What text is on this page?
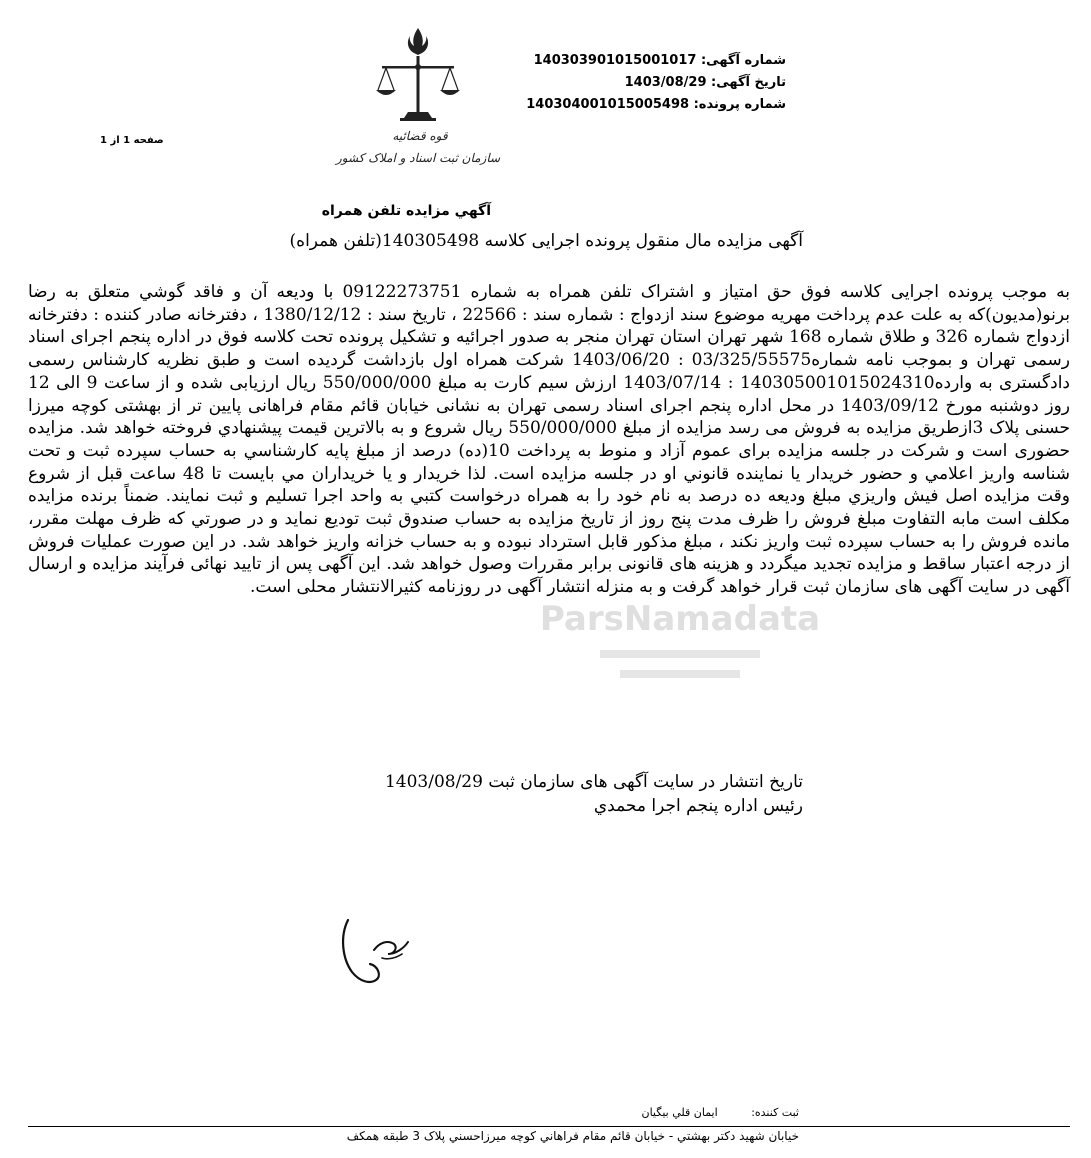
شماره آگهی: 140303901015001017
تاریخ آگهی: 1403/08/29
شماره پرونده: 140304001015005498
قوه قضائیه
سازمان ثبت اسناد و املاک کشور
صفحه 1 از 1
آگهي مزايده تلفن همراه
آگهی مزایده مال منقول پرونده اجرایی کلاسه 140305498(تلفن همراه)
ParsNamadata

به موجب پرونده اجرایی کلاسه فوق حق امتیاز و اشتراک تلفن همراه به شماره 09122273751 با ودیعه آن و فاقد گوشي متعلق به رضا برنو(مدیون)که به علت عدم پرداخت مهریه موضوع سند ازدواج : شماره سند : 22566 ، تاریخ سند : 1380/12/12 ، دفترخانه صادر کننده : دفترخانه ازدواج شماره 326 و طلاق شماره 168 شهر تهران استان تهران منجر به صدور اجرائیه و تشکیل پرونده تحت کلاسه فوق در اداره پنجم اجرای اسناد رسمی تهران و بموجب نامه شماره03/325/55575 : 1403/06/20 شرکت همراه اول بازداشت گردیده است و طبق نظریه کارشناس رسمی دادگستری به وارده140305001015024310 : 1403/07/14 ارزش سیم کارت به مبلغ 550/000/000 ریال ارزیابی شده و از ساعت 9 الی 12 روز دوشنبه مورخ 1403/09/12 در محل اداره پنجم اجرای اسناد رسمی تهران به نشانی خیابان قائم مقام فراهانی پایین تر از بهشتی کوچه میرزا حسنی پلاک 3ازطریق مزایده به فروش می رسد مزایده از مبلغ 550/000/000 ریال شروع و به بالاترین قیمت پیشنهادي فروخته خواهد شد. مزایده حضوری است و شرکت در جلسه مزایده برای عموم آزاد و منوط به پرداخت 10(ده) درصد از مبلغ پایه کارشناسي به حساب سپرده ثبت و تحت شناسه واریز اعلامي و حضور خریدار یا نماینده قانوني او در جلسه مزایده است. لذا خریدار و یا خریداران مي بایست تا 48 ساعت قبل از شروع وقت مزایده اصل فیش واریزي مبلغ ودیعه ده درصد به نام خود را به همراه درخواست کتبي به واحد اجرا تسلیم و ثبت نمایند. ضمناً برنده مزایده مکلف است مابه التفاوت مبلغ فروش را ظرف مدت پنج روز از تاریخ مزایده به حساب صندوق ثبت تودیع نماید و در صورتي که ظرف مهلت مقرر، مانده فروش را به حساب سپرده ثبت واریز نکند ، مبلغ مذکور قابل استرداد نبوده و به حساب خزانه واریز خواهد شد. در این صورت عملیات فروش از درجه اعتبار ساقط و مزایده تجدید میگردد و هزینه های قانونی برابر مقررات وصول خواهد شد. این آگهی پس از تایید نهائی فرآیند مزایده و ارسال آگهی در سایت آگهی های سازمان ثبت قرار خواهد گرفت و به منزله انتشار آگهی در روزنامه کثیرالانتشار محلی است.

تاریخ انتشار در سایت آگهی های سازمان ثبت 1403/08/29
رئیس اداره پنجم اجرا محمدي
ثبت کننده: ایمان قلي بیگیان
خیابان شهید دکتر بهشتي - خیابان قائم مقام فراهاني کوچه میرزاحسني پلاک 3 طبقه همکف
